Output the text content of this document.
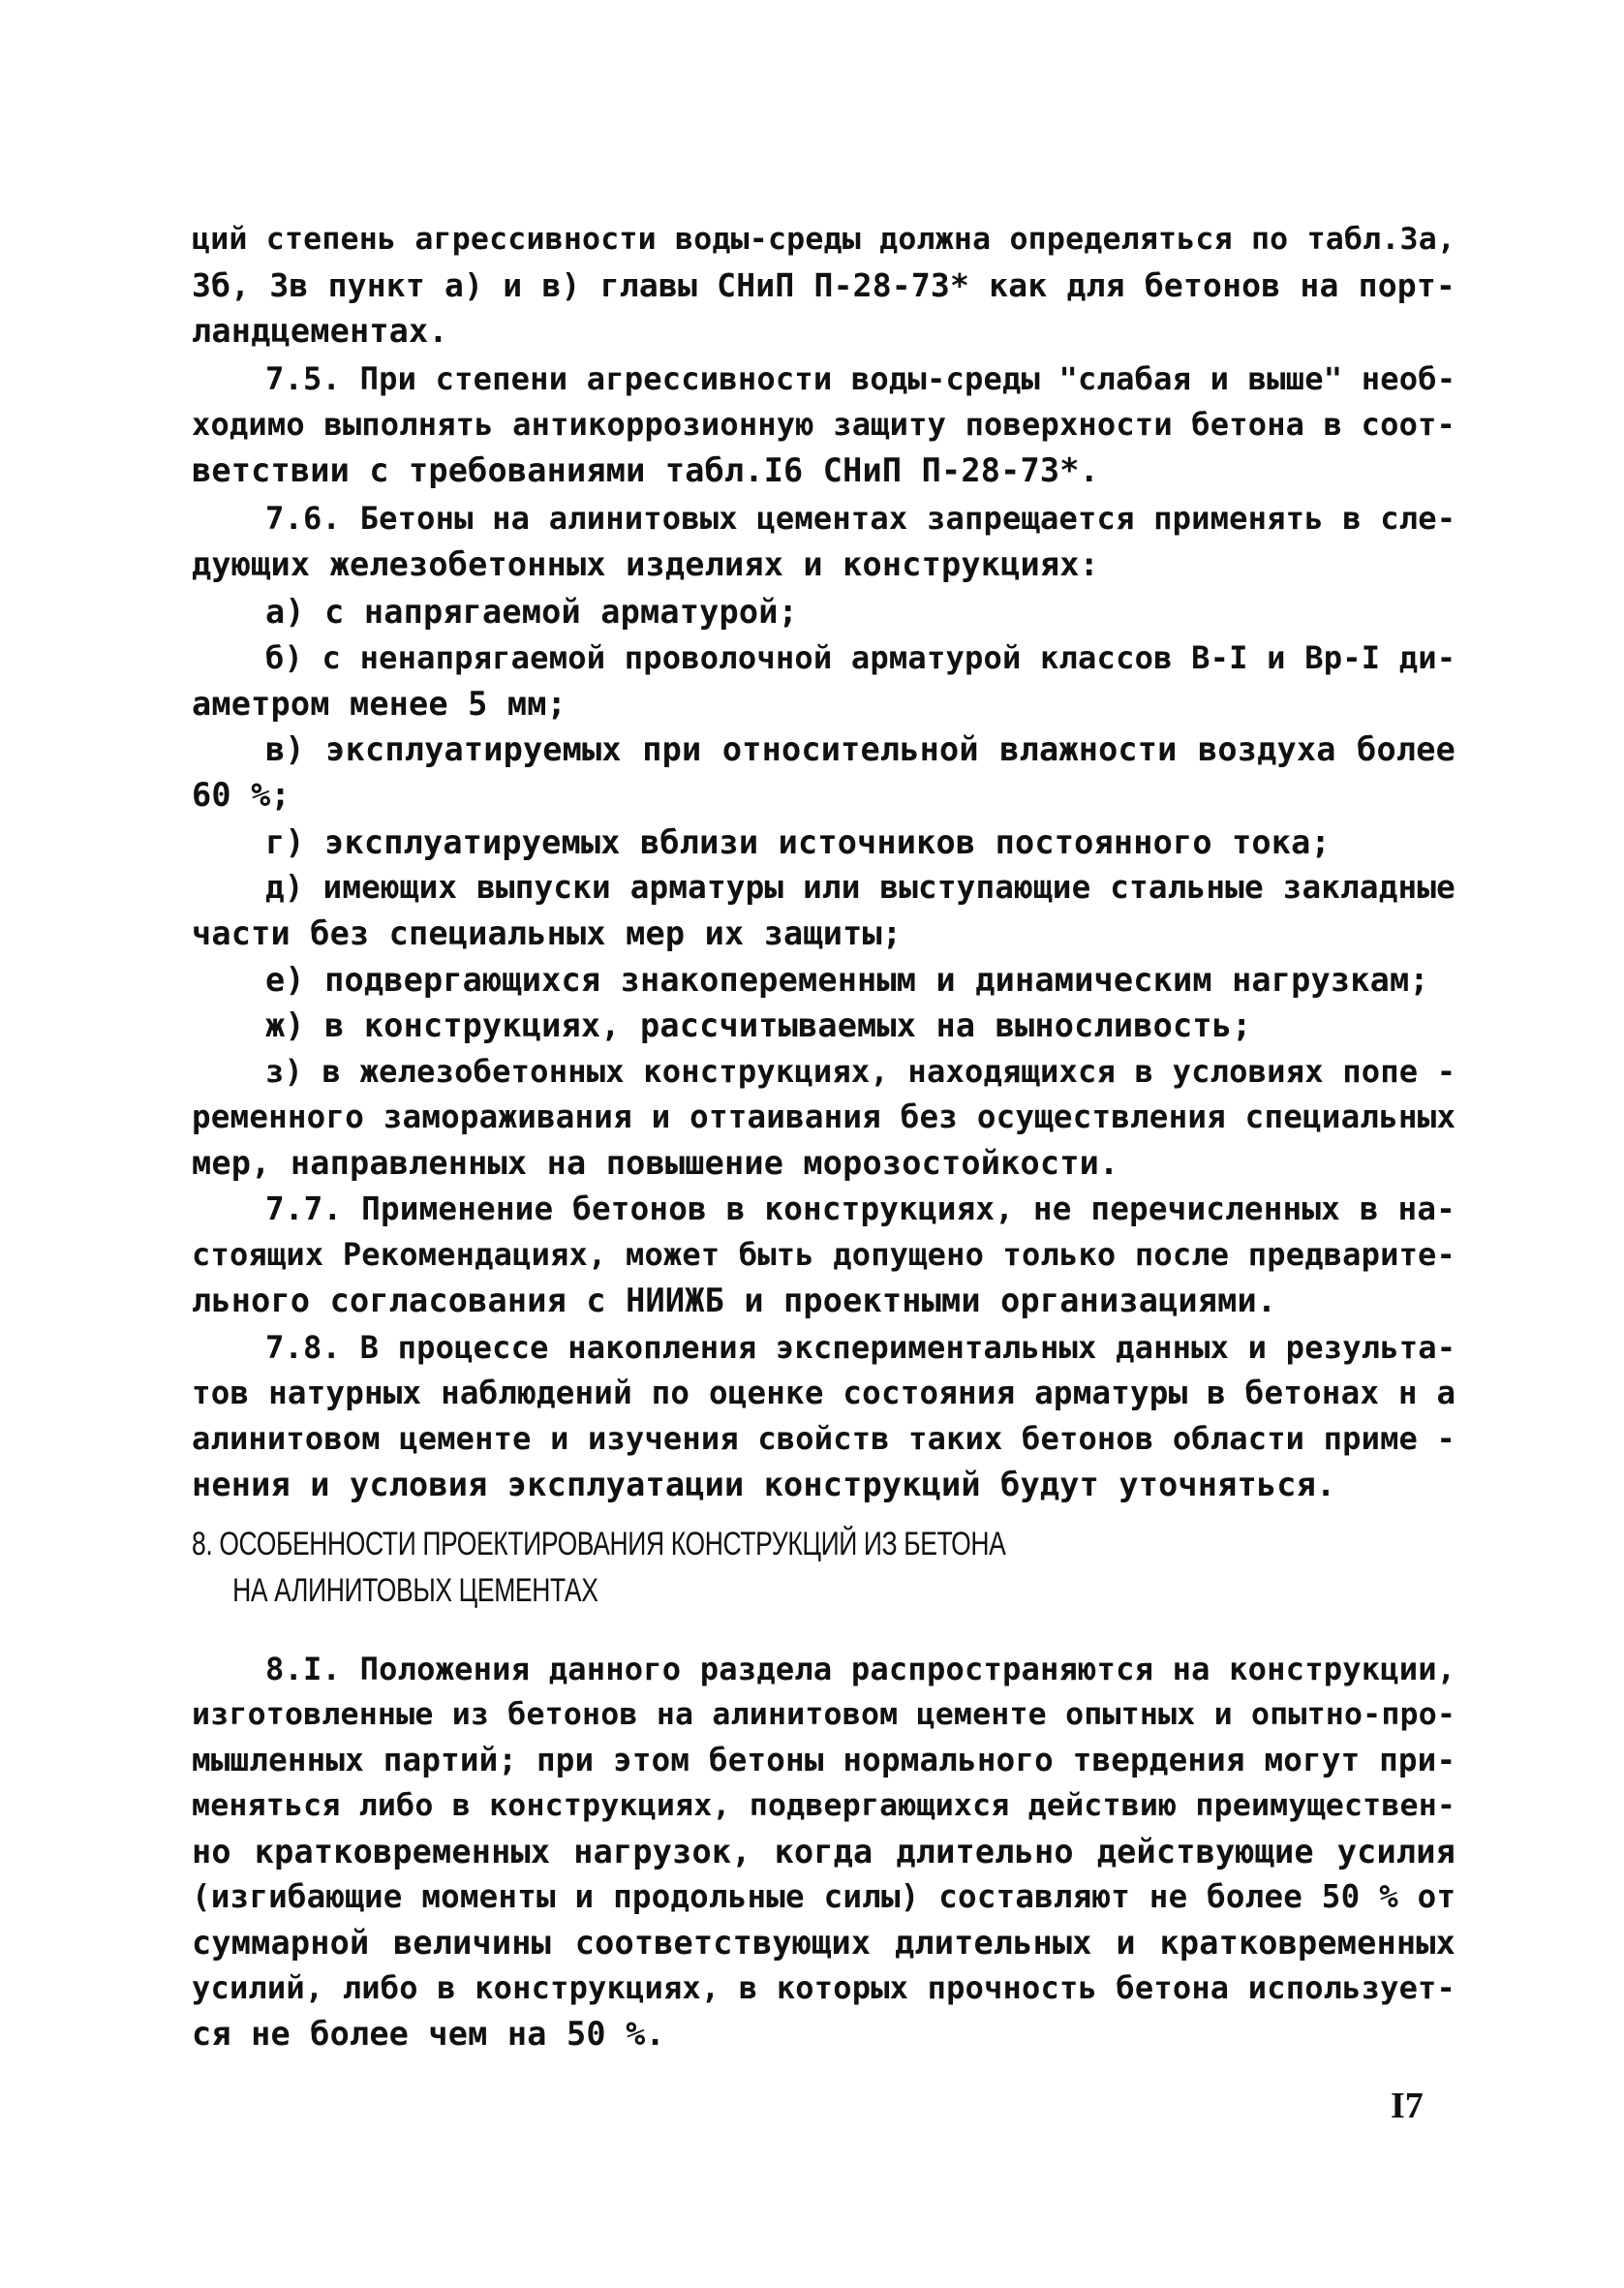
ций степень агрессивности воды-среды должна определяться по табл.3а,
3б, 3в пункт а) и в) главы СНиП П-28-73* как для бетонов на порт-
ландцементах.
7.5. При степени агрессивности воды-среды "слабая и выше" необ-
ходимо выполнять антикоррозионную защиту поверхности бетона в соот-
ветствии с требованиями табл.I6 СНиП П-28-73*.
7.6. Бетоны на алинитовых цементах запрещается применять в сле-
дующих железобетонных изделиях и конструкциях:
а) с напрягаемой арматурой;
б) с ненапрягаемой проволочной арматурой классов В-I и Вр-I ди-
аметром менее 5 мм;
в) эксплуатируемых при относительной влажности воздуха более
60 %;
г) эксплуатируемых вблизи источников постоянного тока;
д) имеющих выпуски арматуры или выступающие стальные закладные
части без специальных мер их защиты;
е) подвергающихся знакопеременным и динамическим нагрузкам;
ж) в конструкциях, рассчитываемых на выносливость;
з) в железобетонных конструкциях, находящихся в условиях попе -
ременного замораживания и оттаивания без осуществления специальных
мер, направленных на повышение морозостойкости.
7.7. Применение бетонов в конструкциях, не перечисленных в на-
стоящих Рекомендациях, может быть допущено только после предварите-
льного согласования с НИИЖБ и проектными организациями.
7.8. В процессе накопления экспериментальных данных и результа-
тов натурных наблюдений по оценке состояния арматуры в бетонах н а
алинитовом цементе и изучения свойств таких бетонов области приме -
нения и условия эксплуатации конструкций будут уточняться.
8. ОСОБЕННОСТИ ПРОЕКТИРОВАНИЯ КОНСТРУКЦИЙ ИЗ БЕТОНА
НА АЛИНИТОВЫХ ЦЕМЕНТАХ
8.I. Положения данного раздела распространяются на конструкции,
изготовленные из бетонов на алинитовом цементе опытных и опытно-про-
мышленных партий; при этом бетоны нормального твердения могут при-
меняться либо в конструкциях, подвергающихся действию преимуществен-
но кратковременных нагрузок, когда длительно действующие усилия
(изгибающие моменты и продольные силы) составляют не более 50 % от
суммарной величины соответствующих длительных и кратковременных
усилий, либо в конструкциях, в которых прочность бетона использует-
ся не более чем на 50 %.
I7
